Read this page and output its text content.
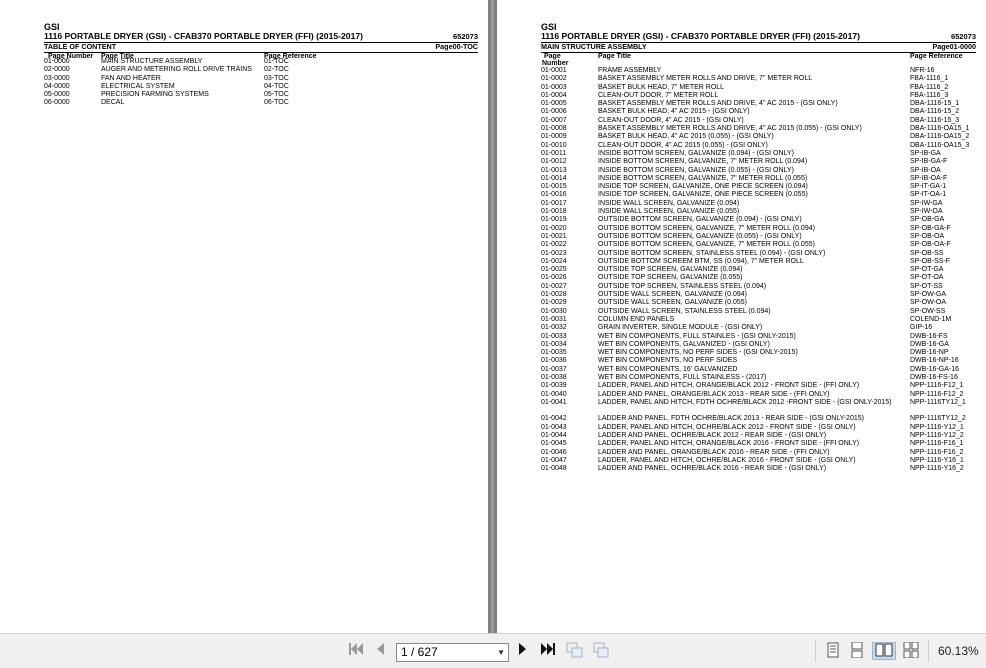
GSI
1116 PORTABLE DRYER (GSI) - CFAB370 PORTABLE DRYER (FFI) (2015-2017)	652073
TABLE OF CONTENT	Page00-TOC
Page Number Page Title	Page Reference
01-0000	MAIN STRUCTURE ASSEMBLY	01-TOC
02-0000	AUGER AND METERING ROLL DRIVE TRAINS 02-TOC
03-0000	FAN AND HEATER	03-TOC
04-0000	ELECTRICAL SYSTEM	04-TOC
05-0000	PRECISION FARMING SYSTEMS	05-TOC
06-0000	DECAL	06-TOC
GSI
1116 PORTABLE DRYER (GSI) - CFAB370 PORTABLE DRYER (FFI) (2015-2017)	652073
MAIN STRUCTURE ASSEMBLY	Page01-0000
Page
Number
Page Title	Page Reference
01-0001	FRAME ASSEMBLY	NFR-16
01-0002	BASKET ASSEMBLY METER ROLLS AND DRIVE, 7" METER ROLL	FBA-1116_1
01-0003	BASKET BULK HEAD, 7" METER ROLL	FBA-1116_2
01-0004	CLEAN-OUT DOOR, 7" METER ROLL	FBA-1116_3
01-0005	BASKET ASSEMBLY METER ROLLS AND DRIVE, 4" AC 2015 - (GSI ONLY)	DBA-1116-15_1
01-0006	BASKET BULK HEAD, 4" AC 2015 - (GSI ONLY)	DBA-1116-15_2
01-0007	CLEAN-OUT DOOR, 4" AC 2015 - (GSI ONLY)	DBA-1116-15_3
01-0008	BASKET ASSEMBLY METER ROLLS AND DRIVE, 4" AC 2015 (0.055) - (GSI ONLY)	DBA-1116-OA15_1
01-0009	BASKET BULK HEAD, 4" AC 2015 (0.055) - (GSI ONLY)	DBA-1116-OA15_2
01-0010	CLEAN-OUT DOOR, 4" AC 2015 (0.055) - (GSI ONLY)	DBA-1116-OA15_3
01-0011	INSIDE BOTTOM SCREEN, GALVANIZE (0.094) - (GSI ONLY)	SP-IB-GA
01-0012	INSIDE BOTTOM SCREEN, GALVANIZE, 7" METER ROLL (0.094)	SP-IB-GA-F
01-0013	INSIDE BOTTOM SCREEN, GALVANIZE (0.055) - (GSI ONLY)	SP-IB-OA
01-0014	INSIDE BOTTOM SCREEN, GALVANIZE, 7" METER ROLL (0.055)	SP-IB-OA-F
01-0015	INSIDE TOP SCREEN, GALVANIZE, ONE PIECE SCREEN (0.094)	SP-IT-GA-1
01-0016	INSIDE TOP SCREEN, GALVANIZE, ONE PIECE SCREEN (0.055)	SP-IT-OA-1
01-0017	INSIDE WALL SCREEN, GALVANIZE (0.094)	SP-IW-GA
01-0018	INSIDE WALL SCREEN, GALVANIZE (0.055)	SP-IW-OA
01-0019	OUTSIDE BOTTOM SCREEN, GALVANIZE (0.094) - (GSI ONLY)	SP-OB-GA
01-0020	OUTSIDE BOTTOM SCREEN, GALVANIZE, 7" METER ROLL (0.094)	SP-OB-GA-F
01-0021	OUTSIDE BOTTOM SCREEN, GALVANIZE (0.055) - (GSI ONLY)	SP-OB-OA
01-0022	OUTSIDE BOTTOM SCREEN, GALVANIZE, 7" METER ROLL (0.055)	SP-OB-OA-F
01-0023	OUTSIDE BOTTOM SCREEN, STAINLESS STEEL (0.094) - (GSI ONLY)	SP-OB-SS
01-0024	OUTSIDE BOTTOM SCREEM BTM, SS (0.094), 7" METER ROLL	SP-OB-SS-F
01-0025	OUTSIDE TOP SCREEN, GALVANIZE (0.094)	SP-OT-GA
01-0026	OUTSIDE TOP SCREEN, GALVANIZE (0.055)	SP-OT-OA
01-0027	OUTSIDE TOP SCREEN, STAINLESS STEEL (0.094)	SP-OT-SS
01-0028	OUTSIDE WALL SCREEN, GALVANIZE (0.094)	SP-OW-GA
01-0029	OUTSIDE WALL SCREEN, GALVANIZE (0.055)	SP-OW-OA
01-0030	OUTSIDE WALL SCREEN, STAINLESS STEEL (0.094)	SP-OW-SS
01-0031	COLUMN END PANELS	COLEND-1M
01-0032	GRAIN INVERTER, SINGLE MODULE - (GSI ONLY)	GIP-16
01-0033	WET BIN COMPONENTS, FULL STAINLES - (GSI ONLY-2015)	DWB-16-FS
01-0034	WET BIN COMPONENTS, GALVANIZED - (GSI ONLY)	DWB-16-GA
01-0035	WET BIN COMPONENTS, NO PERF SIDES - (GSI ONLY-2015)	DWB-16-NP
01-0036	WET BIN COMPONENTS, NO PERF SIDES	DWB-16-NP-16
01-0037	WET BIN COMPONENTS, 16' GALVANIZED	DWB-16-GA-16
01-0038	WET BIN COMPONENTS, FULL STAINLESS - (2017)	DWB-16-FS-16
01-0039	LADDER, PANEL AND HITCH, ORANGE/BLACK 2012 - FRONT SIDE - (FFI ONLY)	NPP-1116-F12_1
01-0040	LADDER AND PANEL, ORANGE/BLACK 2013 - REAR SIDE - (FFI ONLY)	NPP-1116-F12_2
01-0041	LADDER, PANEL AND HITCH, FDTH OCHRE/BLACK 2012 -FRONT SIDE - (GSI ONLY-2015)	NPP-1116TY12_1
01-0042	LADDER AND PANEL, FDTH OCHRE/BLACK 2013 - REAR SIDE - (GSI ONLY-2015)	NPP-1116TY12_2
01-0043	LADDER, PANEL AND HITCH, OCHRE/BLACK 2012 - FRONT SIDE - (GSI ONLY)	NPP-1116-Y12_1
01-0044	LADDER AND PANEL, OCHRE/BLACK 2012 - REAR SIDE - (GSI ONLY)	NPP-1116-Y12_2
01-0045	LADDER, PANEL AND HITCH, ORANGE/BLACK 2016 - FRONT SIDE - (FFI ONLY)	NPP-1116-F16_1
01-0046	LADDER AND PANEL, ORANGE/BLACK 2016 - REAR SIDE - (FFI ONLY)	NPP-1116-F16_2
01-0047	LADDER, PANEL AND HITCH, OCHRE/BLACK 2016 - FRONT SIDE - (GSI ONLY)	NPP-1116-Y16_1
01-0048	LADDER AND PANEL, OCHRE/BLACK 2016 - REAR SIDE - (GSI ONLY)	NPP-1116-Y16_2
1 / 627	▼	60.13%
